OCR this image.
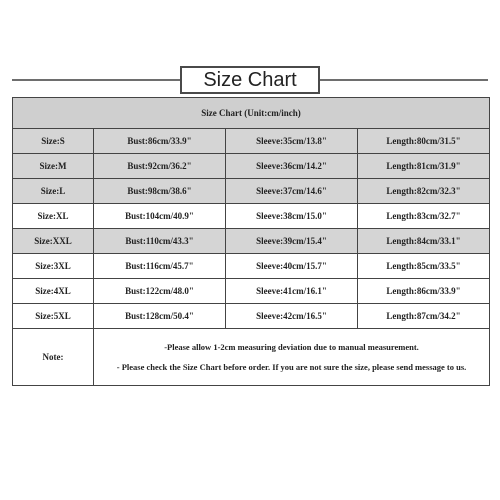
Size Chart
Size Chart (Unit:cm/inch)			
Size:S	Bust:86cm/33.9"	Sleeve:35cm/13.8"	Length:80cm/31.5"
Size:M	Bust:92cm/36.2"	Sleeve:36cm/14.2"	Length:81cm/31.9"
Size:L	Bust:98cm/38.6"	Sleeve:37cm/14.6"	Length:82cm/32.3"
Size:XL	Bust:104cm/40.9"	Sleeve:38cm/15.0"	Length:83cm/32.7"
Size:XXL	Bust:110cm/43.3"	Sleeve:39cm/15.4"	Length:84cm/33.1"
Size:3XL	Bust:116cm/45.7"	Sleeve:40cm/15.7"	Length:85cm/33.5"
Size:4XL	Bust:122cm/48.0"	Sleeve:41cm/16.1"	Length:86cm/33.9"
Size:5XL	Bust:128cm/50.4"	Sleeve:42cm/16.5"	Length:87cm/34.2"
Note:	-Please allow 1-2cm measuring deviation due to manual measurement.
- Please check the Size Chart before order. If you are not sure the size, please send message to us.		
